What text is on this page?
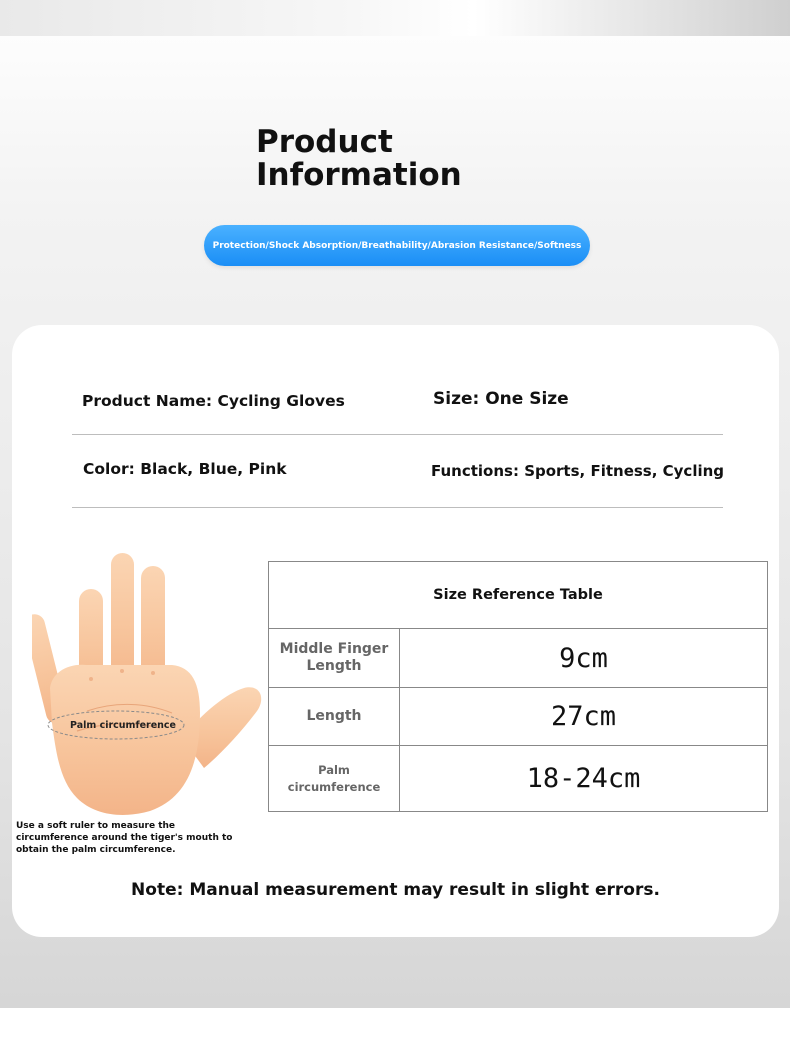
Product Information
Protection/Shock Absorption/Breathability/Abrasion Resistance/Softness
Product Name: Cycling Gloves	Size: One Size
Color: Black, Blue, Pink	Functions: Sports, Fitness, Cycling
Palm circumference
Use a soft ruler to measure the circumference around the tiger's mouth to obtain the palm circumference.
Size Reference Table
Middle Finger Length	9cm
Length	27cm
Palm circumference	18-24cm
Note: Manual measurement may result in slight errors.
